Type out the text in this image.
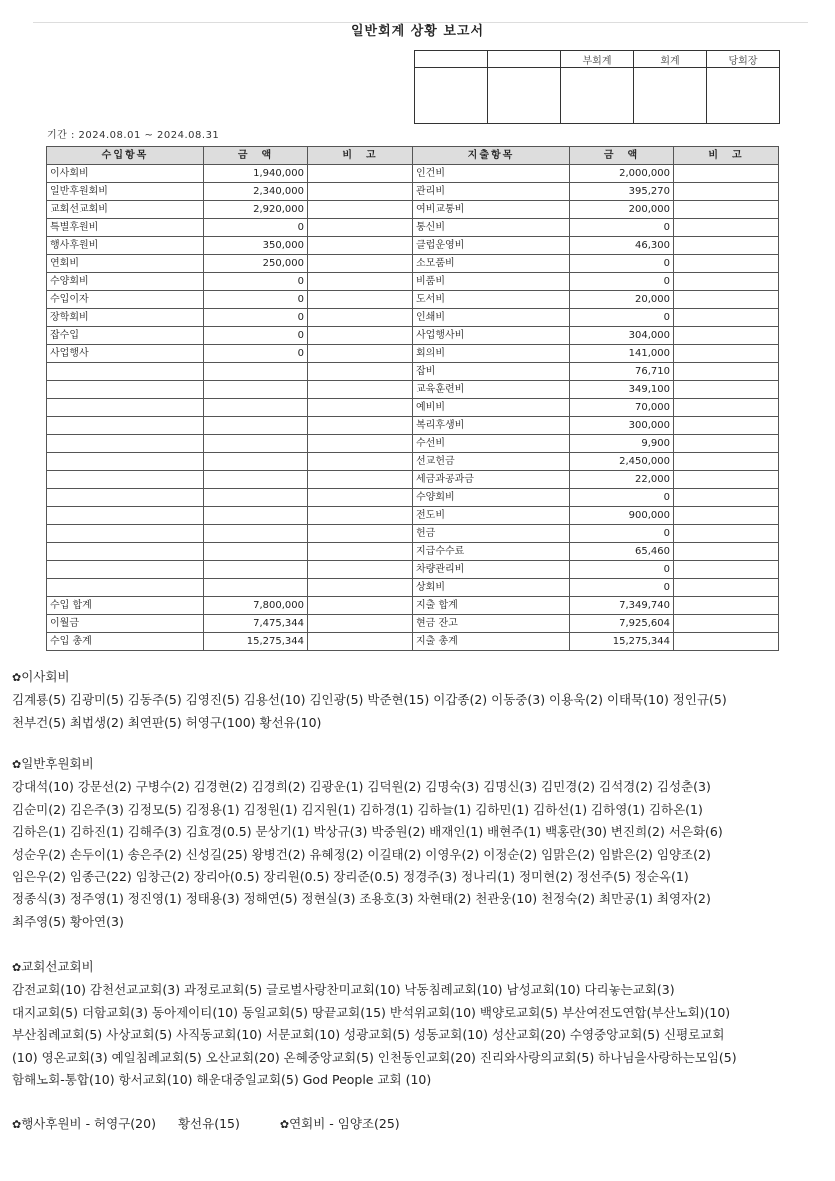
일반회계 상황 보고서
		부회계	회계	당회장

기간 : 2024.08.01 ~ 2024.08.31
수입항목	금　액	비　고	지출항목	금　액	비　고
이사회비	1,940,000		인건비	2,000,000	
일반후원회비	2,340,000		관리비	395,270	
교회선교회비	2,920,000		여비교통비	200,000	
특별후원비	0		통신비	0	
행사후원비	350,000		클럽운영비	46,300	
연회비	250,000		소모품비	0	
수양회비	0		비품비	0	
수입이자	0		도서비	20,000	
장학회비	0		인쇄비	0	
잡수입	0		사업행사비	304,000	
사업행사	0		회의비	141,000	
			잡비	76,710	
			교육훈련비	349,100	
			예비비	70,000	
			복리후생비	300,000	
			수선비	9,900	
			선교헌금	2,450,000	
			세금과공과금	22,000	
			수양회비	0	
			전도비	900,000	
			헌금	0	
			지급수수료	65,460	
			차량관리비	0	
			상회비	0	
수입 합계	7,800,000		지출 합계	7,349,740	
이월금	7,475,344		현금 잔고	7,925,604	
수입 총계	15,275,344		지출 총계	15,275,344	
✿이사회비
김계룡(5) 김광미(5) 김동주(5) 김영진(5) 김용선(10) 김인광(5) 박준현(15) 이갑종(2) 이동중(3) 이용욱(2) 이태묵(10) 정인규(5)
천부건(5) 최법생(2) 최연판(5) 허영구(100) 황선유(10)
✿일반후원회비
강대석(10) 강문선(2) 구병수(2) 김경현(2) 김경희(2) 김광운(1) 김덕원(2) 김명숙(3) 김명신(3) 김민경(2) 김석경(2) 김성춘(3)
김순미(2) 김은주(3) 김정모(5) 김정용(1) 김정원(1) 김지원(1) 김하경(1) 김하늘(1) 김하민(1) 김하선(1) 김하영(1) 김하온(1)
김하은(1) 김하진(1) 김해주(3) 김효경(0.5) 문상기(1) 박상규(3) 박중원(2) 배재인(1) 배현주(1) 백홍란(30) 변진희(2) 서은화(6)
성순우(2) 손두이(1) 송은주(2) 신성길(25) 왕병건(2) 유혜정(2) 이길태(2) 이영우(2) 이정순(2) 임맑은(2) 임밝은(2) 임양조(2)
임은우(2) 임종근(22) 임창근(2) 장리아(0.5) 장리원(0.5) 장리준(0.5) 정경주(3) 정나리(1) 정미현(2) 정선주(5) 정순옥(1)
정종식(3) 정주영(1) 정진영(1) 정태용(3) 정해연(5) 정현실(3) 조용호(3) 차현태(2) 천관웅(10) 천정숙(2) 최만공(1) 최영자(2)
최주영(5) 황아연(3)
✿교회선교회비
감전교회(10) 감천선교교회(3) 과정로교회(5) 글로벌사랑찬미교회(10) 낙동침례교회(10) 남성교회(10) 다리놓는교회(3)
대지교회(5) 더함교회(3) 동아제이티(10) 동일교회(5) 땅끝교회(15) 반석위교회(10) 백양로교회(5) 부산여전도연합(부산노회)(10)
부산침례교회(5) 사상교회(5) 사직동교회(10) 서문교회(10) 성광교회(5) 성동교회(10) 성산교회(20) 수영중앙교회(5) 신평로교회
(10) 영온교회(3) 예일침례교회(5) 오산교회(20) 온혜중앙교회(5) 인천동인교회(20) 진리와사랑의교회(5) 하나님을사랑하는모임(5)
함해노회-통합(10) 항서교회(10) 해운대중일교회(5) God People 교회 (10)
✿행사후원비 - 허영구(20) 황선유(15)	✿연회비 - 임양조(25)
